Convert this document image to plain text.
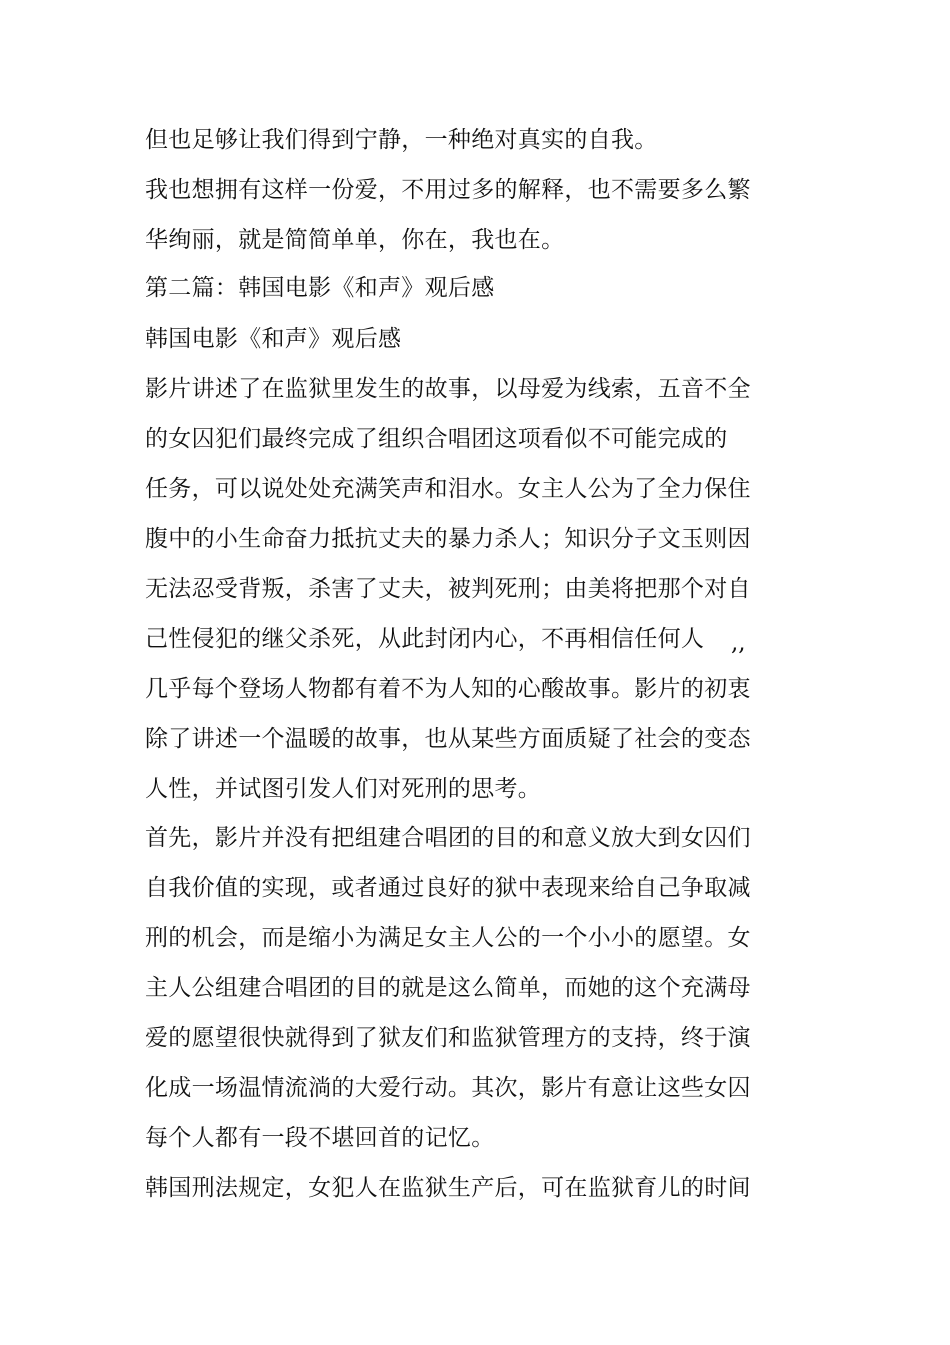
但也足够让我们得到宁静，一种绝对真实的自我。
我也想拥有这样一份爱，不用过多的解释，也不需要多么繁
华绚丽，就是简简单单，你在，我也在。
第二篇：韩国电影《和声》观后感
韩国电影《和声》观后感
影片讲述了在监狱里发生的故事，以母爱为线索，五音不全
的女囚犯们最终完成了组织合唱团这项看似不可能完成的
任务，可以说处处充满笑声和泪水。女主人公为了全力保住
腹中的小生命奋力抵抗丈夫的暴力杀人；知识分子文玉则因
无法忍受背叛，杀害了丈夫，被判死刑；由美将把那个对自
己性侵犯的继父杀死，从此封闭内心，不再相信任何人 ,,
几乎每个登场人物都有着不为人知的心酸故事。影片的初衷
除了讲述一个温暖的故事，也从某些方面质疑了社会的变态
人性，并试图引发人们对死刑的思考。
首先，影片并没有把组建合唱团的目的和意义放大到女囚们
自我价值的实现，或者通过良好的狱中表现来给自己争取减
刑的机会，而是缩小为满足女主人公的一个小小的愿望。女
主人公组建合唱团的目的就是这么简单，而她的这个充满母
爱的愿望很快就得到了狱友们和监狱管理方的支持，终于演
化成一场温情流淌的大爱行动。其次，影片有意让这些女囚
每个人都有一段不堪回首的记忆。
韩国刑法规定，女犯人在监狱生产后，可在监狱育儿的时间
